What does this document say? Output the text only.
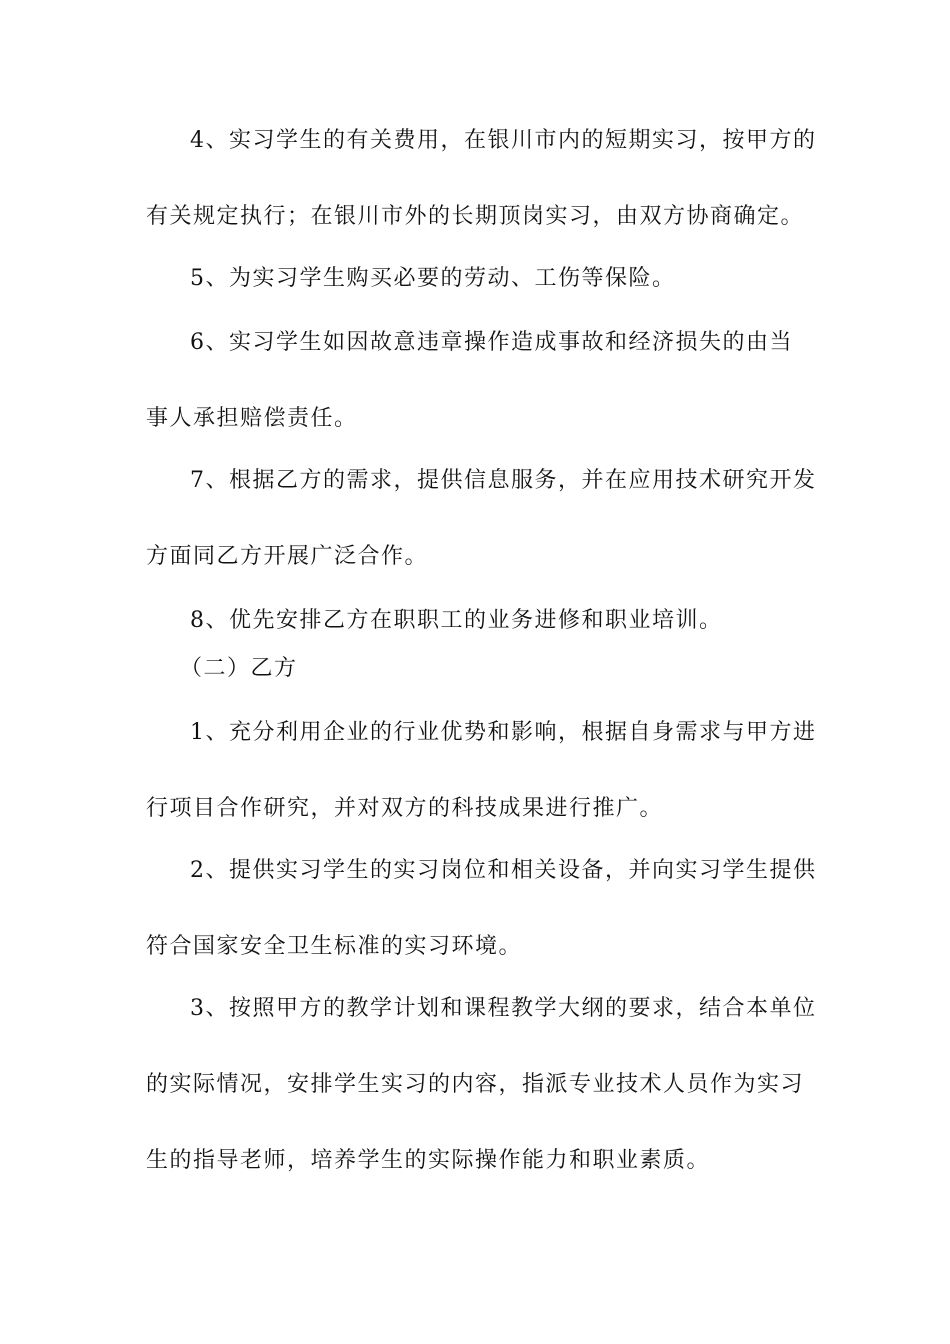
4、实习学生的有关费用，在银川市内的短期实习，按甲方的
有关规定执行；在银川市外的长期顶岗实习，由双方协商确定。
5、为实习学生购买必要的劳动、工伤等保险。
6、实习学生如因故意违章操作造成事故和经济损失的由当
事人承担赔偿责任。
7、根据乙方的需求，提供信息服务，并在应用技术研究开发
方面同乙方开展广泛合作。
8、优先安排乙方在职职工的业务进修和职业培训。
（二）乙方
1、充分利用企业的行业优势和影响，根据自身需求与甲方进
行项目合作研究，并对双方的科技成果进行推广。
2、提供实习学生的实习岗位和相关设备，并向实习学生提供
符合国家安全卫生标准的实习环境。
3、按照甲方的教学计划和课程教学大纲的要求，结合本单位
的实际情况，安排学生实习的内容，指派专业技术人员作为实习
生的指导老师，培养学生的实际操作能力和职业素质。
